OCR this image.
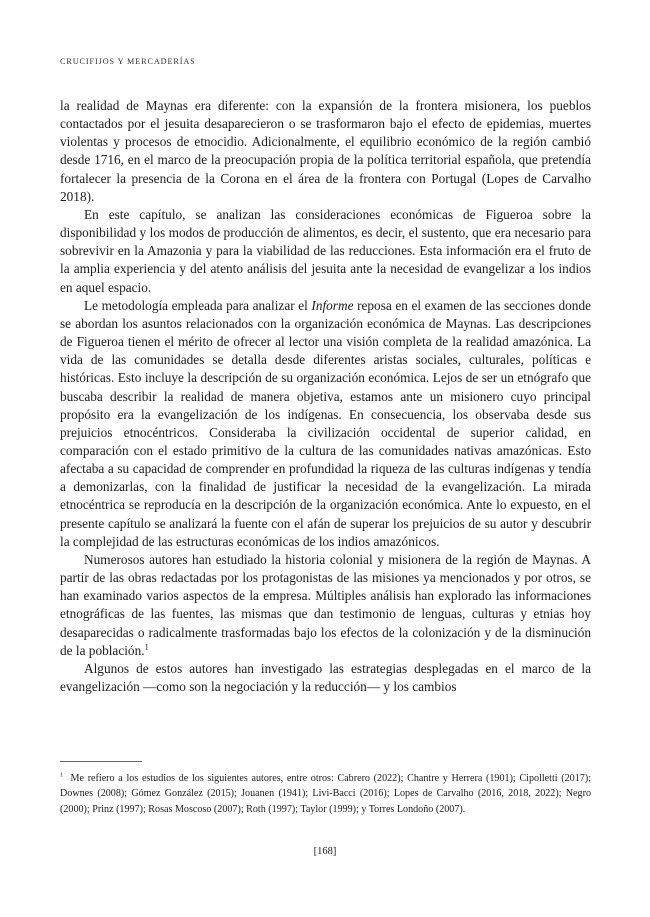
CRUCIFIJOS Y MERCADERÍAS

la realidad de Maynas era diferente: con la expansión de la frontera misionera, los pueblos contactados por el jesuita desaparecieron o se trasformaron bajo el efecto de epidemias, muertes violentas y procesos de etnocidio. Adicionalmente, el equilibrio económico de la región cambió desde 1716, en el marco de la preocupación propia de la política territorial española, que pretendía fortalecer la presencia de la Corona en el área de la frontera con Portugal (Lopes de Carvalho 2018).

En este capítulo, se analizan las consideraciones económicas de Figueroa sobre la disponibilidad y los modos de producción de alimentos, es decir, el sustento, que era necesario para sobrevivir en la Amazonia y para la viabilidad de las reducciones. Esta información era el fruto de la amplia experiencia y del atento análisis del jesuita ante la necesidad de evangelizar a los indios en aquel espacio.

Le metodología empleada para analizar el Informe reposa en el examen de las secciones donde se abordan los asuntos relacionados con la organización económica de Maynas. Las descripciones de Figueroa tienen el mérito de ofrecer al lector una visión completa de la realidad amazónica. La vida de las comunidades se detalla desde diferentes aristas sociales, culturales, políticas e históricas. Esto incluye la descripción de su organización económica. Lejos de ser un etnógrafo que buscaba describir la realidad de manera objetiva, estamos ante un misionero cuyo principal propósito era la evangelización de los indígenas. En consecuencia, los observaba desde sus prejuicios etnocéntricos. Consideraba la civilización occidental de superior calidad, en comparación con el estado primitivo de la cultura de las comunidades nativas amazónicas. Esto afectaba a su capacidad de comprender en profundidad la riqueza de las culturas indígenas y tendía a demonizarlas, con la finalidad de justificar la necesidad de la evangelización. La mirada etnocéntrica se reproducía en la descripción de la organización económica. Ante lo expuesto, en el presente capítulo se analizará la fuente con el afán de superar los prejuicios de su autor y descubrir la complejidad de las estructuras económicas de los indios amazónicos.

Numerosos autores han estudiado la historia colonial y misionera de la región de Maynas. A partir de las obras redactadas por los protagonistas de las misiones ya mencionados y por otros, se han examinado varios aspectos de la empresa. Múltiples análisis han explorado las informaciones etnográficas de las fuentes, las mismas que dan testimonio de lenguas, culturas y etnias hoy desaparecidas o radicalmente trasformadas bajo los efectos de la colonización y de la disminución de la población.$^1$

Algunos de estos autores han investigado las estrategias desplegadas en el marco de la evangelización —como son la negociación y la reducción— y los cambios

$^1$ Me refiero a los estudios de los siguientes autores, entre otros: Cabrero (2022); Chantre y Herrera (1901); Cipolletti (2017); Downes (2008); Gómez González (2015); Jouanen (1941); Livi-Bacci (2016); Lopes de Carvalho (2016, 2018, 2022); Negro (2000); Prinz (1997); Rosas Moscoso (2007); Roth (1997); Taylor (1999); y Torres Londoño (2007).

[168]
